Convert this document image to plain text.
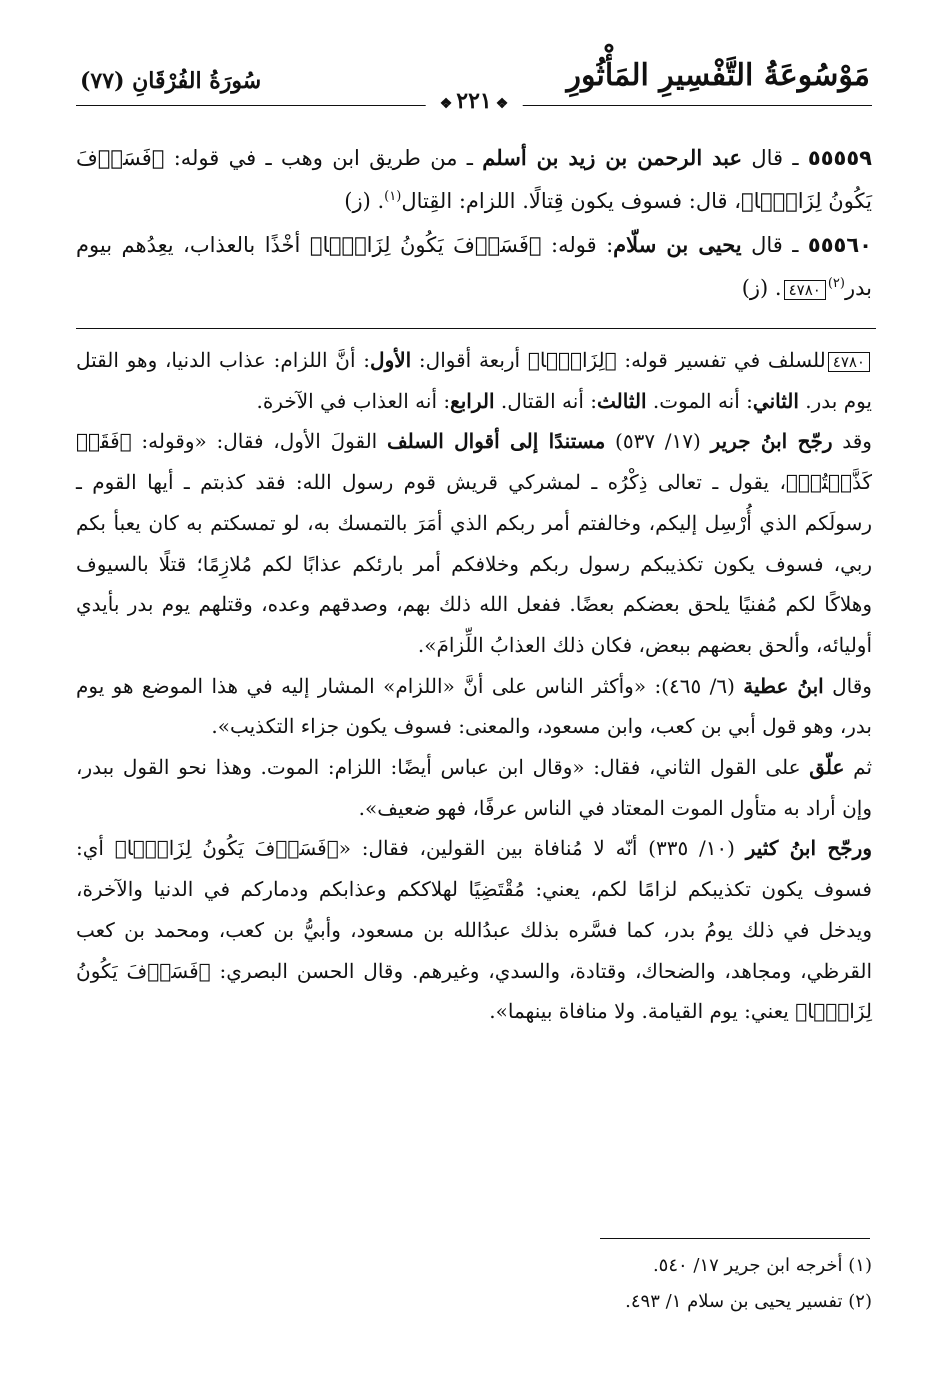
مَوْسُوعَةُ التَّفْسِيرِ المَأْثُورِ
سُورَةُ الفُرْقَانِ (٧٧)
❖٢٢١❖

٥٥٥٥٩ ـ قال عبد الرحمن بن زيد بن أسلم ـ من طريق ابن وهب ـ في قوله: ﴿فَسَوۡفَ يَكُونُ لِزَامَۢا﴾، قال: فسوف يكون قِتالًا. اللزام: القِتال$^{(١)}$. (ز)

٥٥٥٦٠ ـ قال يحيى بن سلّام: قوله: ﴿فَسَوۡفَ يَكُونُ لِزَامَۢا﴾ أخْذًا بالعذاب، يعِدُهم بيوم بدر$^{(٢)}$٤٧٨٠. (ز)

٤٧٨٠للسلف في تفسير قوله: ﴿لِزَامَۢا﴾ أربعة أقوال: الأول: أنَّ اللزام: عذاب الدنيا، وهو القتل يوم بدر. الثاني: أنه الموت. الثالث: أنه القتال. الرابع: أنه العذاب في الآخرة.

وقد رجّح ابنُ جرير (١٧/ ٥٣٧) مستندًا إلى أقوال السلف القولَ الأول، فقال: «وقوله: ﴿فَقَدۡ كَذَّبۡتُمۡ﴾، يقول ـ تعالى ذِكْرُه ـ لمشركي قريش قوم رسول الله: فقد كذبتم ـ أيها القوم ـ رسولَكم الذي أُرْسِل إليكم، وخالفتم أمر ربكم الذي أمَرَ بالتمسك به، لو تمسكتم به كان يعبأ بكم ربي، فسوف يكون تكذيبكم رسول ربكم وخلافكم أمر بارئكم عذابًا لكم مُلازِمًا؛ قتلًا بالسيوف وهلاكًا لكم مُفنيًا يلحق بعضكم بعضًا. ففعل الله ذلك بهم، وصدقهم وعده، وقتلهم يوم بدر بأيدي أوليائه، وألحق بعضهم ببعض، فكان ذلك العذابُ اللِّزامَ».

وقال ابنُ عطية (٦/ ٤٦٥): «وأكثر الناس على أنَّ «اللزام» المشار إليه في هذا الموضع هو يوم بدر، وهو قول أبي بن كعب، وابن مسعود، والمعنى: فسوف يكون جزاء التكذيب».

ثم علّق على القول الثاني، فقال: «وقال ابن عباس أيضًا: اللزام: الموت. وهذا نحو القول ببدر، وإن أراد به متأول الموت المعتاد في الناس عرفًا، فهو ضعيف».

ورجّح ابنُ كثير (١٠/ ٣٣٥) أنّه لا مُنافاة بين القولين، فقال: «﴿فَسَوۡفَ يَكُونُ لِزَامَۢا﴾ أي: فسوف يكون تكذيبكم لزامًا لكم، يعني: مُقْتَضِيًا لهلاككم وعذابكم ودماركم في الدنيا والآخرة، ويدخل في ذلك يومُ بدر، كما فسَّره بذلك عبدُالله بن مسعود، وأبيُّ بن كعب، ومحمد بن كعب القرظي، ومجاهد، والضحاك، وقتادة، والسدي، وغيرهم. وقال الحسن البصري: ﴿فَسَوۡفَ يَكُونُ لِزَامَۢا﴾ يعني: يوم القيامة. ولا منافاة بينهما».

(١) أخرجه ابن جرير ١٧/ ٥٤٠.
(٢) تفسير يحيى بن سلام ١/ ٤٩٣.
